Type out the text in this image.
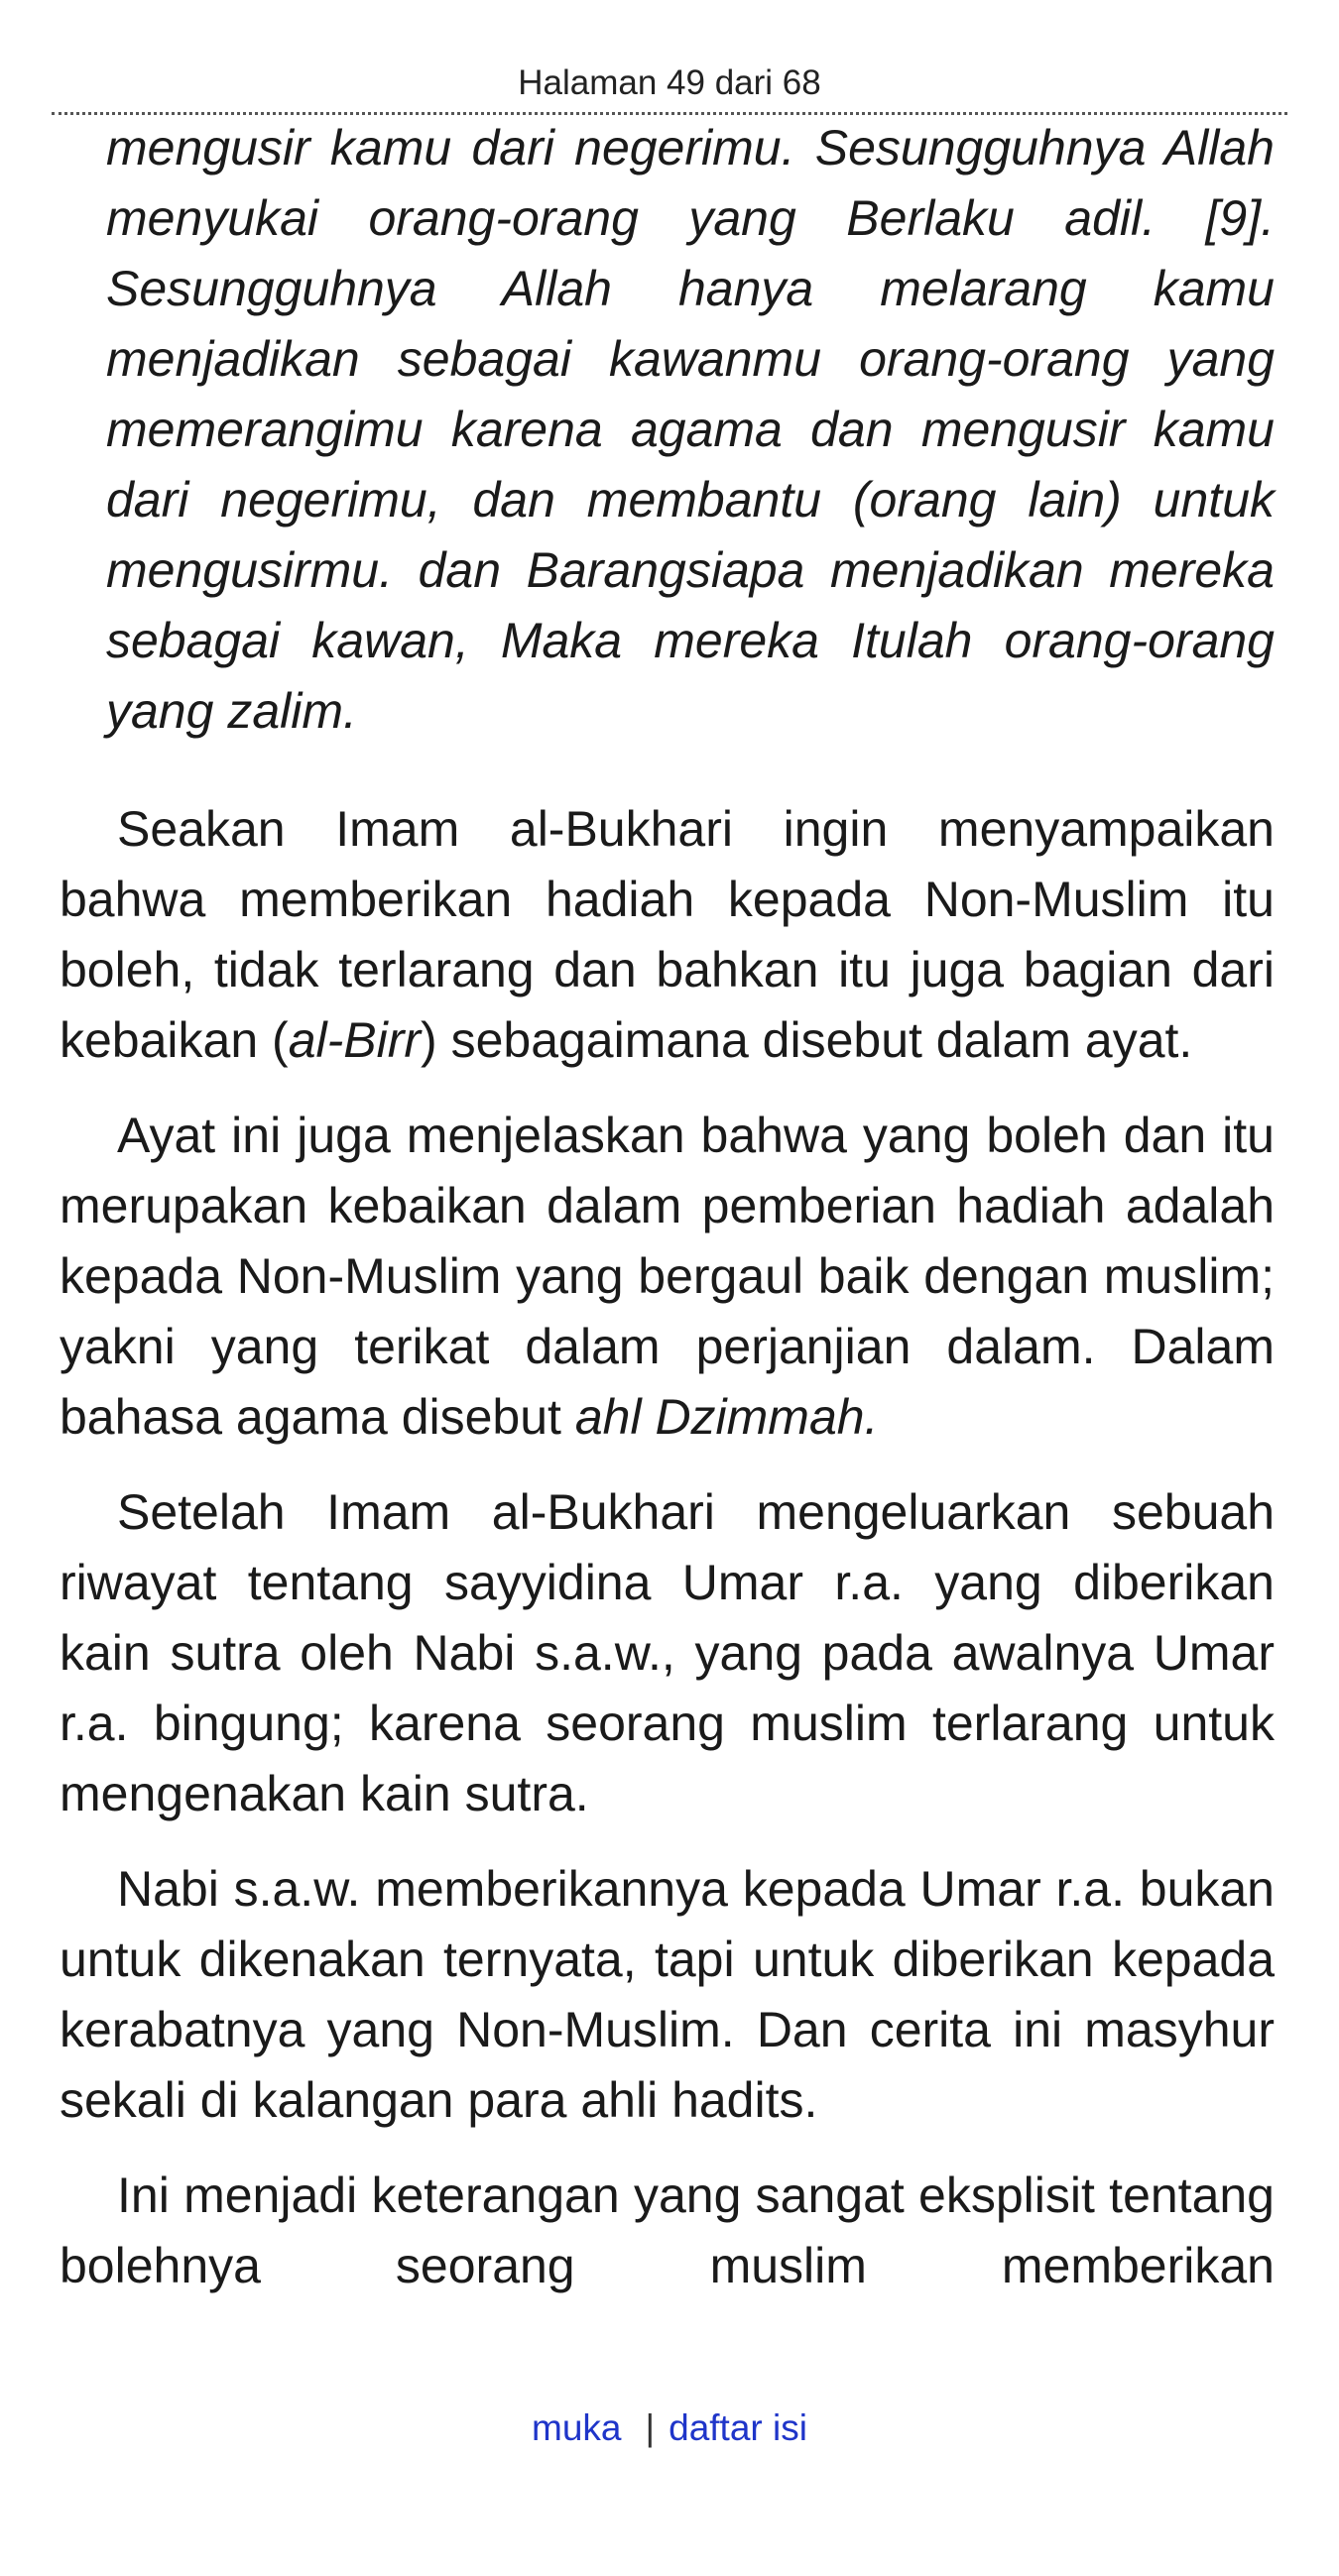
Halaman 49 dari 68

mengusir kamu dari negerimu. Sesungguhnya Allah menyukai orang-orang yang Berlaku adil. [9]. Sesungguhnya Allah hanya melarang kamu menjadikan sebagai kawanmu orang-orang yang memerangimu karena agama dan mengusir kamu dari negerimu, dan membantu (orang lain) untuk mengusirmu. dan Barangsiapa menjadikan mereka sebagai kawan, Maka mereka Itulah orang-orang yang zalim.

Seakan Imam al-Bukhari ingin menyampaikan bahwa memberikan hadiah kepada Non-Muslim itu boleh, tidak terlarang dan bahkan itu juga bagian dari kebaikan (al-Birr) sebagaimana disebut dalam ayat.

Ayat ini juga menjelaskan bahwa yang boleh dan itu merupakan kebaikan dalam pemberian hadiah adalah kepada Non-Muslim yang bergaul baik dengan muslim; yakni yang terikat dalam perjanjian dalam. Dalam bahasa agama disebut ahl Dzimmah.

Setelah Imam al-Bukhari mengeluarkan sebuah riwayat tentang sayyidina Umar r.a. yang diberikan kain sutra oleh Nabi s.a.w., yang pada awalnya Umar r.a. bingung; karena seorang muslim terlarang untuk mengenakan kain sutra.

Nabi s.a.w. memberikannya kepada Umar r.a. bukan untuk dikenakan ternyata, tapi untuk diberikan kepada kerabatnya yang Non-Muslim. Dan cerita ini masyhur sekali di kalangan para ahli hadits.

Ini menjadi keterangan yang sangat eksplisit tentang bolehnya seorang muslim memberikan

muka | daftar isi
